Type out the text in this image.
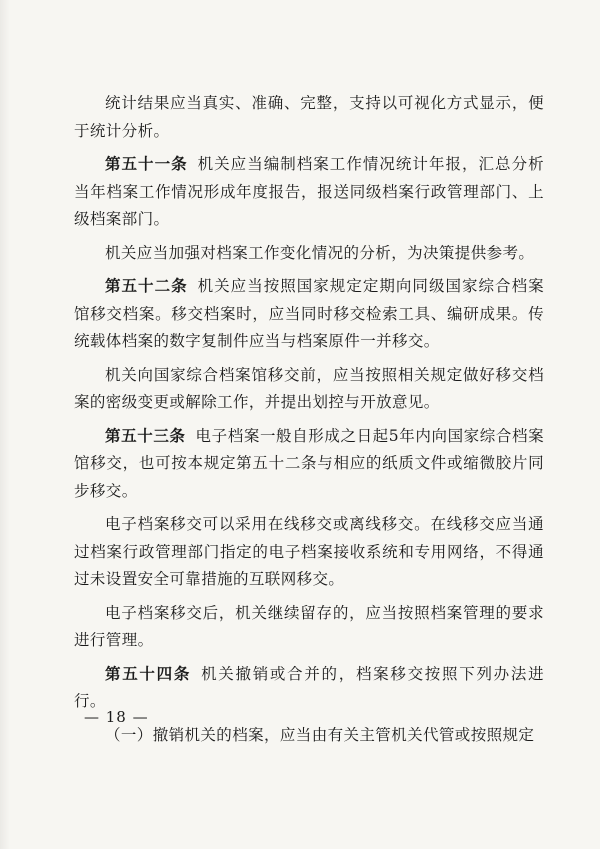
统计结果应当真实、准确、完整，支持以可视化方式显示，便于统计分析。

第五十一条 机关应当编制档案工作情况统计年报，汇总分析当年档案工作情况形成年度报告，报送同级档案行政管理部门、上级档案部门。

机关应当加强对档案工作变化情况的分析，为决策提供参考。

第五十二条 机关应当按照国家规定定期向同级国家综合档案馆移交档案。移交档案时，应当同时移交检索工具、编研成果。传统载体档案的数字复制件应当与档案原件一并移交。

机关向国家综合档案馆移交前，应当按照相关规定做好移交档案的密级变更或解除工作，并提出划控与开放意见。

第五十三条 电子档案一般自形成之日起5年内向国家综合档案馆移交，也可按本规定第五十二条与相应的纸质文件或缩微胶片同步移交。

电子档案移交可以采用在线移交或离线移交。在线移交应当通过档案行政管理部门指定的电子档案接收系统和专用网络，不得通过未设置安全可靠措施的互联网移交。

电子档案移交后，机关继续留存的，应当按照档案管理的要求进行管理。

第五十四条 机关撤销或合并的，档案移交按照下列办法进行。

（一）撤销机关的档案，应当由有关主管机关代管或按照规定

— 18 —
